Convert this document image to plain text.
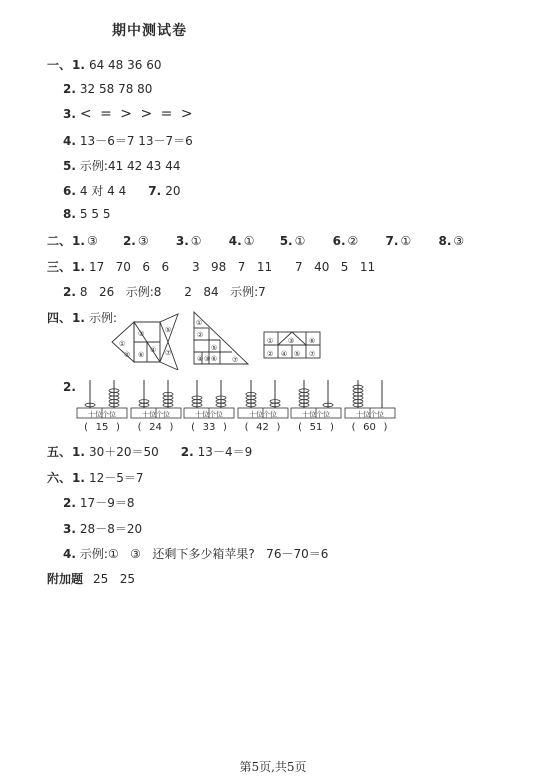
期中测试卷
一、 1. 64 48 36 60
2. 32 58 78 80
3. < = > > = >
4. 13－6＝7 13－7＝6
5. 示例:41 42 43 44
6. 4 对 4 4 7. 20
8. 5 5 5
二、 1. ③	2. ③	3. ①	4. ①	5. ①	6. ②	7. ①	8. ③
三、 1. 17   70   6   6      3   98   7   11      7   40   5   11
2. 8   26   示例:8      2   84   示例:7
四、 1. 示例:
①
②
③
④
⑥
⑤
⑦
①
②
⑤
④ ③ ⑥ ⑦
①
②
③
④ ⑤
⑥
⑦
2.
十位个位
( 15 )
十位个位
( 24 )
十位个位
( 33 )
十位个位
( 42 )
十位个位
( 51 )
十位个位
( 60 )
五、 1. 30＋20＝50 2. 13－4＝9
六、 1. 12－5＝7
2. 17－9＝8
3. 28－8＝20
4. 示例:①   ③   还剩下多少箱苹果?   76－70＝6
附加题 25   25
第5页,共5页
